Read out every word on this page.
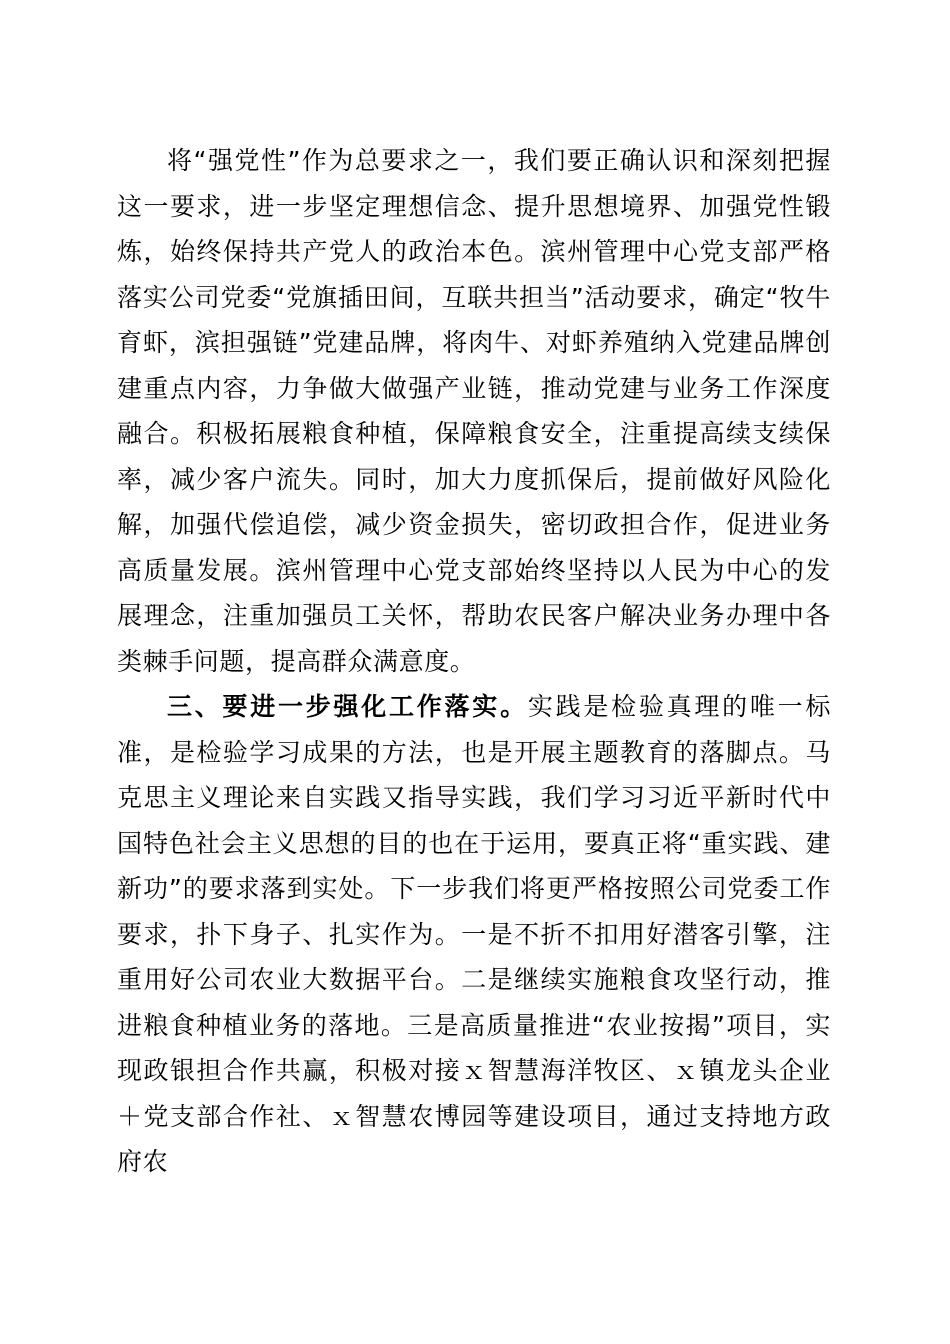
将“强党性”作为总要求之一，我们要正确认识和深刻把握这一要求，进一步坚定理想信念、提升思想境界、加强党性锻炼，始终保持共产党人的政治本色。滨州管理中心党支部严格落实公司党委“党旗插田间，互联共担当”活动要求，确定“牧牛育虾，滨担强链”党建品牌，将肉牛、对虾养殖纳入党建品牌创建重点内容，力争做大做强产业链，推动党建与业务工作深度融合。积极拓展粮食种植，保障粮食安全，注重提高续支续保率，减少客户流失。同时，加大力度抓保后，提前做好风险化解，加强代偿追偿，减少资金损失，密切政担合作，促进业务高质量发展。滨州管理中心党支部始终坚持以人民为中心的发展理念，注重加强员工关怀，帮助农民客户解决业务办理中各类棘手问题，提高群众满意度。

三、要进一步强化工作落实。实践是检验真理的唯一标准，是检验学习成果的方法，也是开展主题教育的落脚点。马克思主义理论来自实践又指导实践，我们学习习近平新时代中国特色社会主义思想的目的也在于运用，要真正将“重实践、建新功”的要求落到实处。下一步我们将更严格按照公司党委工作要求，扑下身子、扎实作为。一是不折不扣用好潜客引擎，注重用好公司农业大数据平台。二是继续实施粮食攻坚行动，推进粮食种植业务的落地。三是高质量推进“农业按揭”项目，实现政银担合作共赢，积极对接ｘ智慧海洋牧区、ｘ镇龙头企业＋党支部合作社、ｘ智慧农博园等建设项目，通过支持地方政府农
